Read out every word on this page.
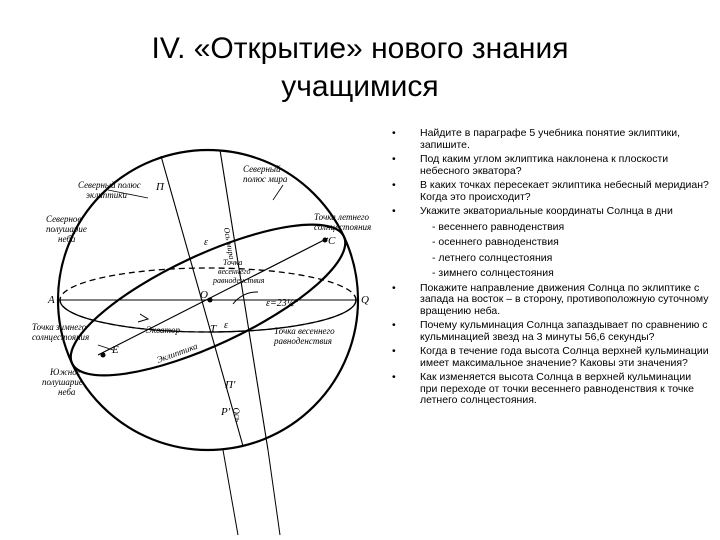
IV. «Открытие» нового знания
учащимися
Северный полюс эклиптики
Северный полюс мира
Северное полушарие неба
Точка летнего солнцестояния
Точка зимнего солнцестояния
Южное полушарие неба
Точка весеннего равноденствия
Точка весеннего равноденствия
Экватор
Эклиптика
Ось мира
Ось
ε=23½°
П
П'
P'
A	Q
E
C
T
O
ε
ε
• Найдите в параграфе 5 учебника понятие эклиптики, запишите.
• Под каким углом эклиптика наклонена к плоскости небесного экватора?
• В каких точках пересекает эклиптика небесный меридиан? Когда это происходит?
• Укажите экваториальные координаты Солнца в дни
- весеннего равноденствия
- осеннего равноденствия
- летнего солнцестояния
- зимнего солнцестояния
• Покажите направление движения Солнца по эклиптике с запада на восток – в сторону, противоположную суточному вращению неба.
• Почему кульминация Солнца запаздывает по сравнению с кульминацией звезд на 3 минуты 56,6 секунды?
• Когда в течение года высота Солнца верхней кульминации имеет максимальное значение? Каковы эти значения?
• Как изменяется высота Солнца в верхней кульминации при переходе от точки весеннего равноденствия к точке летнего солнцестояния.
